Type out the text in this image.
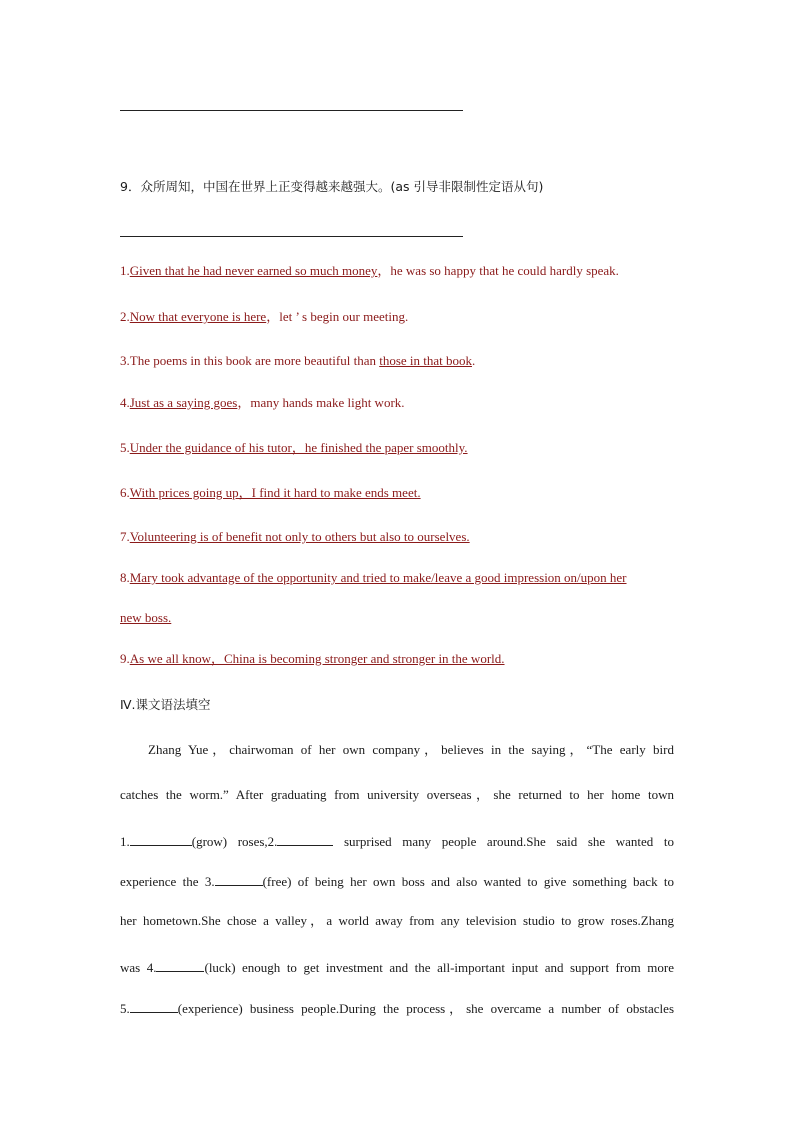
9．众所周知，中国在世界上正变得越来越强大。(as 引导非限制性定语从句)
1.Given that he had never earned so much money，he was so happy that he could hardly speak.
2.Now that everyone is here，let ’ s begin our meeting.
3.The poems in this book are more beautiful than those in that book.
4.Just as a saying goes，many hands make light work.
5.Under the guidance of his tutor，he finished the paper smoothly.
6.With prices going up，I find it hard to make ends meet.
7.Volunteering is of benefit not only to others but also to ourselves.
8.Mary took advantage of the opportunity and tried to make/leave a good impression on/upon her
new boss.
9.As we all know，China is becoming stronger and stronger in the world.
Ⅳ.课文语法填空
Zhang Yue，chairwoman of her own company，believes in the saying，“The early bird
catches the worm.” After graduating from university overseas，she returned to her home town
1.	(grow) roses,2.	surprised many people around.She said she wanted to
experience the 3.	(free) of being her own boss and also wanted to give something back to
her hometown.She chose a valley，a world away from any television studio to grow roses.Zhang
was 4.	(luck) enough to get investment and the all-important input and support from more
5.	(experience) business people.During the process，she overcame a number of obstacles
